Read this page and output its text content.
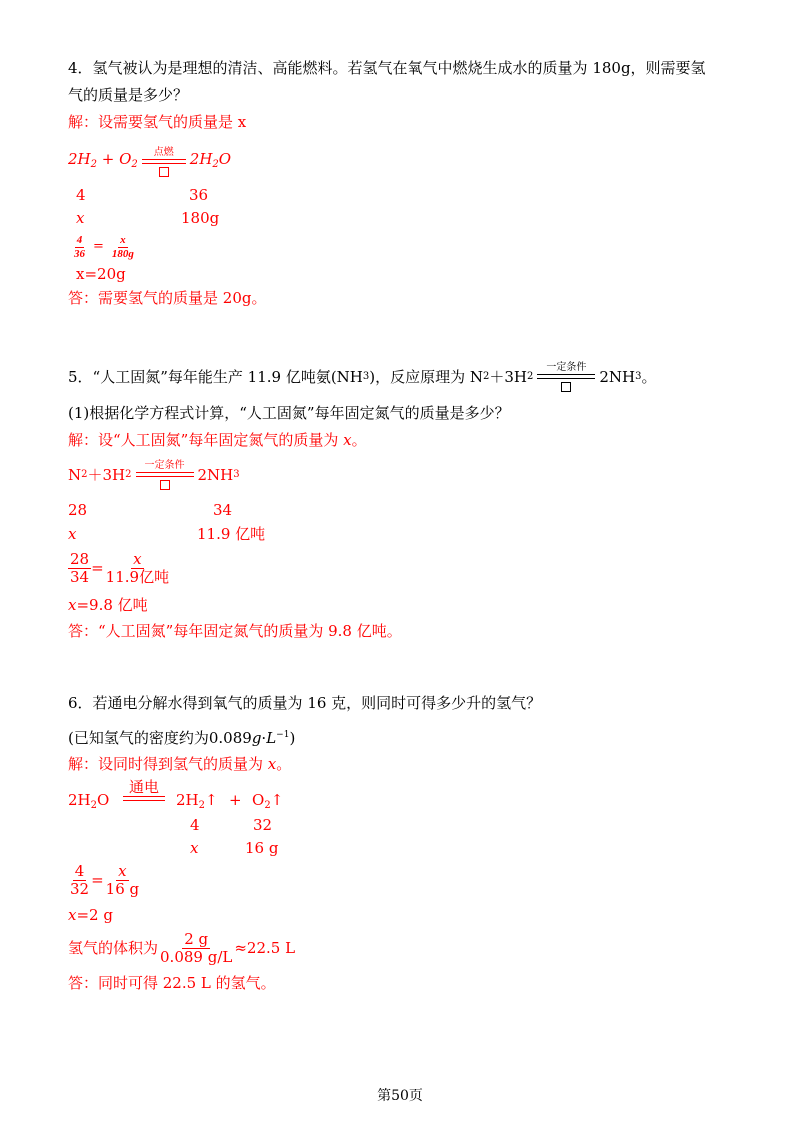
4．氢气被认为是理想的清洁、高能燃料。若氢气在氧气中燃烧生成水的质量为 180g，则需要氢
气的质量是多少？
解：设需要氢气的质量是 x
$2H_2 + O_2$
点燃 $2H_2O$
4	36
x	180g
$\frac{4}{36} = \frac{x}{180g}$
x=20g
答：需要氢气的质量是 20g。
5．“人工固氮”每年能生产 11.9 亿吨氨(NH 3 )，反应原理为 N 2 ＋3H 2
一定条件
2NH 3 。
(1)根据化学方程式计算，“人工固氮”每年固定氮气的质量是多少？
解：设“人工固氮”每年固定氮气的质量为 x。
N 2 ＋3H 2
一定条件
2NH 3
28	34
x	11.9 亿吨
$\frac{28}{34} = \frac{x}{\text{11.9亿吨}}$
x=9.8 亿吨
答：“人工固氮”每年固定氮气的质量为 9.8 亿吨。
6．若通电分解水得到氧气的质量为 16 克，则同时可得多少升的氢气？
(已知氢气的密度约为$0.089g\cdot L^{-1}$)
解：设同时得到氢气的质量为 x。
$2H_2O$
通电
$2H_2↑$ + $O_2↑$
4	32
x	16 g
$\frac{4}{32} = \frac{x}{16 g}$
x=2 g
氢气的体积为 $\frac{2 g}{0.089 g/L} \approx 22.5$ L
答：同时可得 22.5 L 的氢气。
第50页
